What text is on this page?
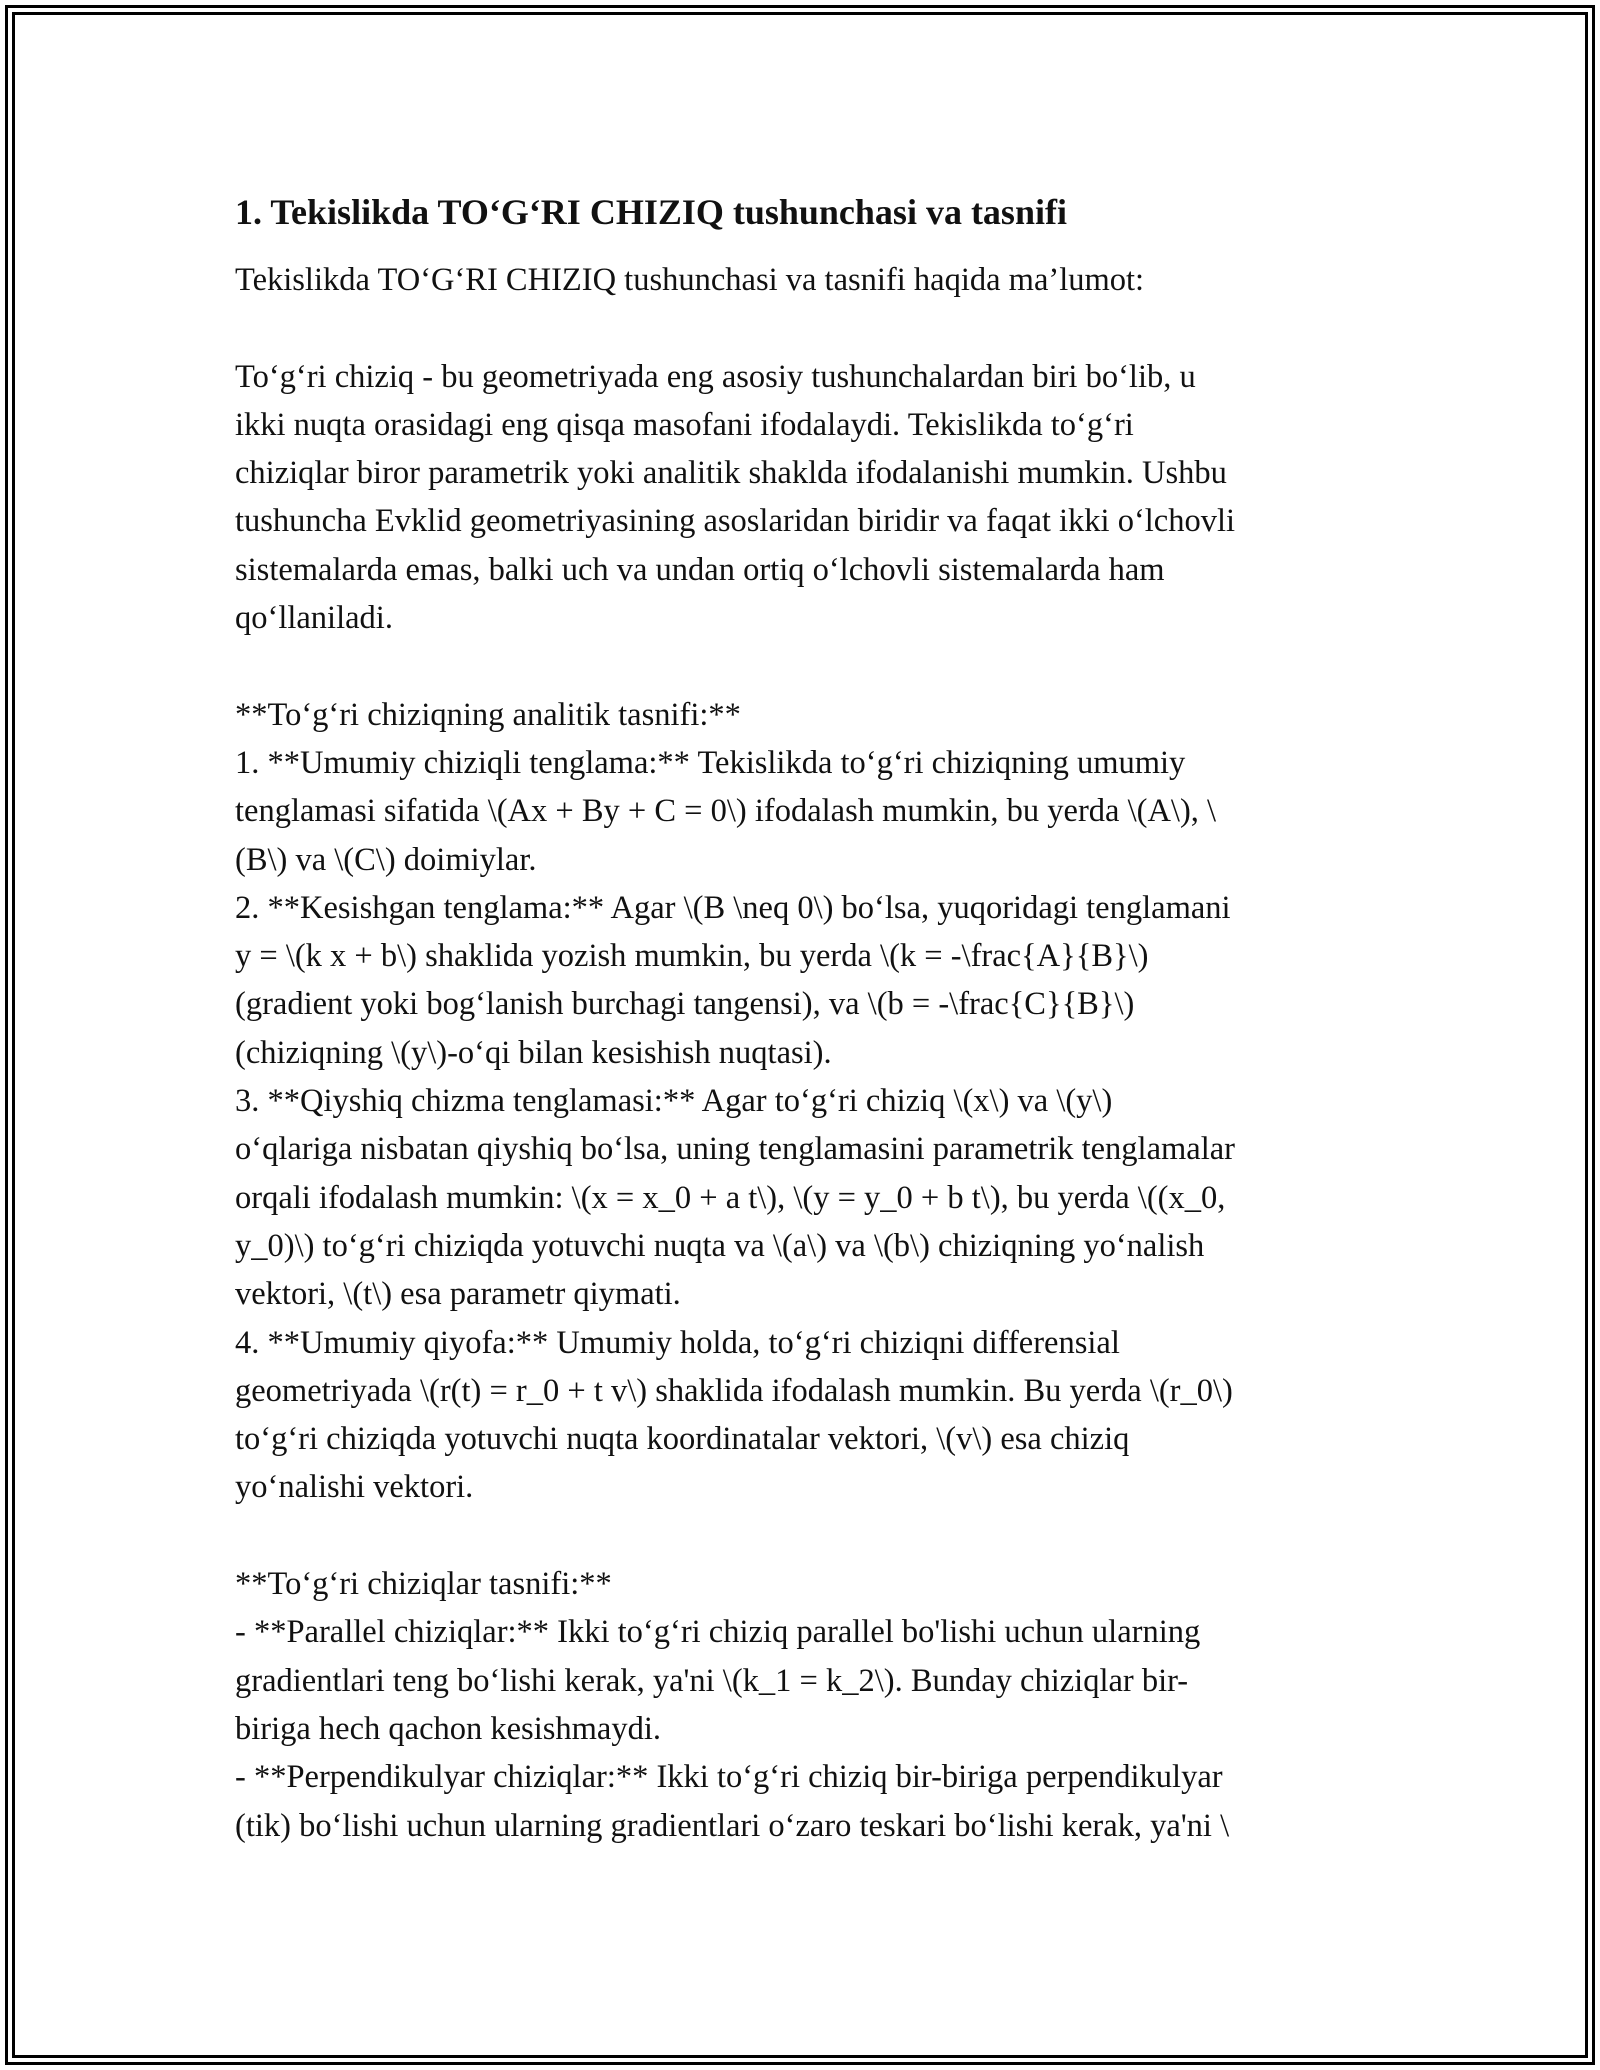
1. Tekislikda TO‘G‘RI CHIZIQ tushunchasi va tasnifi
Tekislikda TO‘G‘RI CHIZIQ tushunchasi va tasnifi haqida ma’lumot:
To‘g‘ri chiziq - bu geometriyada eng asosiy tushunchalardan biri bo‘lib, u
ikki nuqta orasidagi eng qisqa masofani ifodalaydi. Tekislikda to‘g‘ri
chiziqlar biror parametrik yoki analitik shaklda ifodalanishi mumkin. Ushbu
tushuncha Evklid geometriyasining asoslaridan biridir va faqat ikki o‘lchovli
sistemalarda emas, balki uch va undan ortiq o‘lchovli sistemalarda ham
qo‘llaniladi.
**To‘g‘ri chiziqning analitik tasnifi:**
1. **Umumiy chiziqli tenglama:** Tekislikda to‘g‘ri chiziqning umumiy
tenglamasi sifatida \(Ax + By + C = 0\) ifodalash mumkin, bu yerda \(A\), \
(B\) va \(C\) doimiylar.
2. **Kesishgan tenglama:** Agar \(B \neq 0\) bo‘lsa, yuqoridagi tenglamani
y = \(k x + b\) shaklida yozish mumkin, bu yerda \(k = -\frac{A}{B}\)
(gradient yoki bog‘lanish burchagi tangensi), va \(b = -\frac{C}{B}\)
(chiziqning \(y\)-o‘qi bilan kesishish nuqtasi).
3. **Qiyshiq chizma tenglamasi:** Agar to‘g‘ri chiziq \(x\) va \(y\)
o‘qlariga nisbatan qiyshiq bo‘lsa, uning tenglamasini parametrik tenglamalar
orqali ifodalash mumkin: \(x = x_0 + a t\), \(y = y_0 + b t\), bu yerda \((x_0,
y_0)\) to‘g‘ri chiziqda yotuvchi nuqta va \(a\) va \(b\) chiziqning yo‘nalish
vektori, \(t\) esa parametr qiymati.
4. **Umumiy qiyofa:** Umumiy holda, to‘g‘ri chiziqni differensial
geometriyada \(r(t) = r_0 + t v\) shaklida ifodalash mumkin. Bu yerda \(r_0\)
to‘g‘ri chiziqda yotuvchi nuqta koordinatalar vektori, \(v\) esa chiziq
yo‘nalishi vektori.
**To‘g‘ri chiziqlar tasnifi:**
- **Parallel chiziqlar:** Ikki to‘g‘ri chiziq parallel bo'lishi uchun ularning
gradientlari teng bo‘lishi kerak, ya'ni \(k_1 = k_2\). Bunday chiziqlar bir-
biriga hech qachon kesishmaydi.
- **Perpendikulyar chiziqlar:** Ikki to‘g‘ri chiziq bir-biriga perpendikulyar
(tik) bo‘lishi uchun ularning gradientlari o‘zaro teskari bo‘lishi kerak, ya'ni \
